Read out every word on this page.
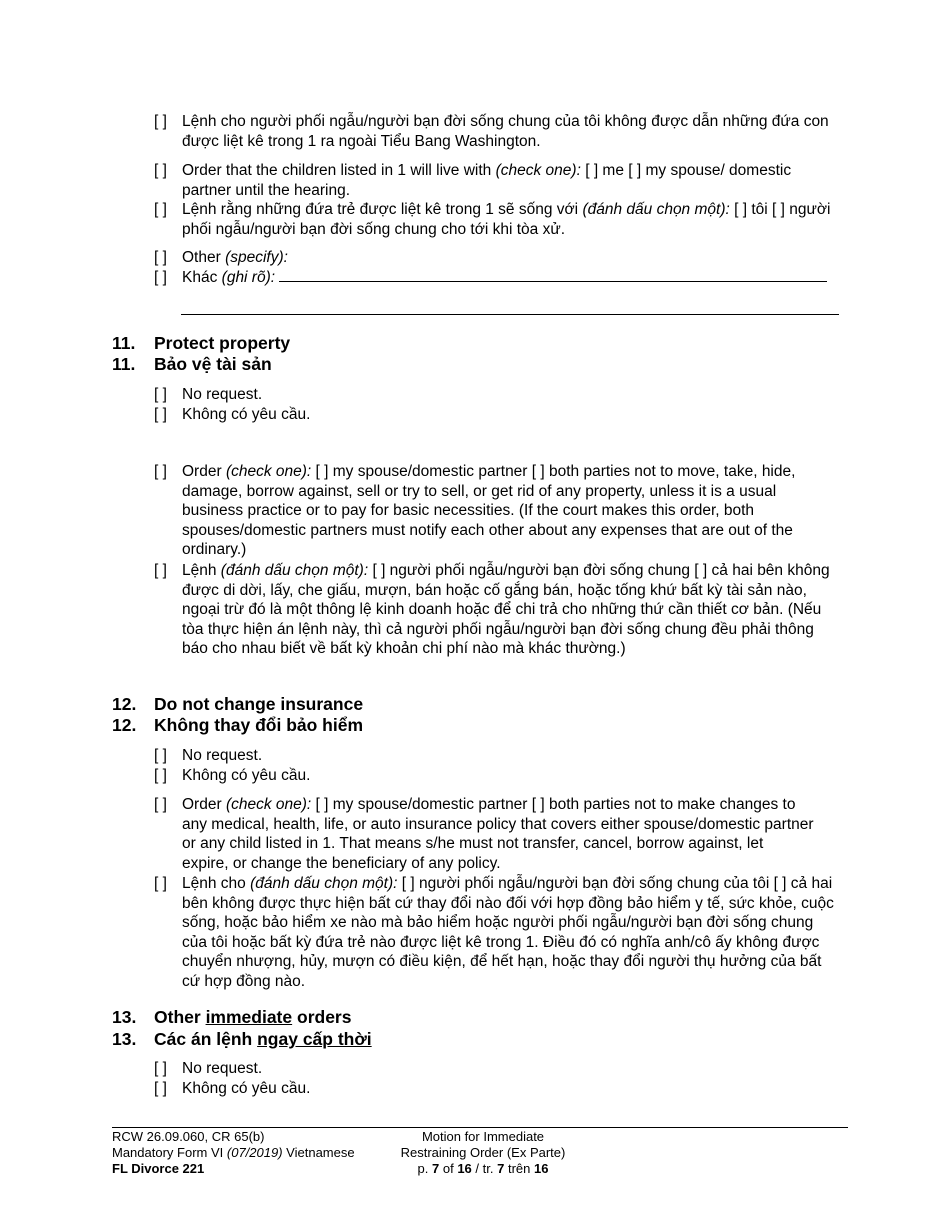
[ ] Lệnh cho người phối ngẫu/người bạn đời sống chung của tôi không được dẫn những đứa con được liệt kê trong 1 ra ngoài Tiểu Bang Washington.
[ ] Order that the children listed in 1 will live with (check one): [ ] me [ ] my spouse/ domestic partner until the hearing.
[ ] Lệnh rằng những đứa trẻ được liệt kê trong 1 sẽ sống với (đánh dấu chọn một): [ ] tôi [ ] người phối ngẫu/người bạn đời sống chung cho tới khi tòa xử.
[ ] Other (specify):
[ ] Khác (ghi rõ):
11. Protect property
11. Bảo vệ tài sản
[ ] No request.
[ ] Không có yêu cầu.
[ ] Order (check one): [ ] my spouse/domestic partner [ ] both parties not to move, take, hide, damage, borrow against, sell or try to sell, or get rid of any property, unless it is a usual business practice or to pay for basic necessities. (If the court makes this order, both spouses/domestic partners must notify each other about any expenses that are out of the ordinary.)
[ ] Lệnh (đánh dấu chọn một): [ ] người phối ngẫu/người bạn đời sống chung [ ] cả hai bên không được di dời, lấy, che giấu, mượn, bán hoặc cố gắng bán, hoặc tống khứ bất kỳ tài sản nào, ngoại trừ đó là một thông lệ kinh doanh hoặc để chi trả cho những thứ cần thiết cơ bản. (Nếu tòa thực hiện án lệnh này, thì cả người phối ngẫu/người bạn đời sống chung đều phải thông báo cho nhau biết về bất kỳ khoản chi phí nào mà khác thường.)
12. Do not change insurance
12. Không thay đổi bảo hiểm
[ ] No request.
[ ] Không có yêu cầu.
[ ] Order (check one): [ ] my spouse/domestic partner [ ] both parties not to make changes to any medical, health, life, or auto insurance policy that covers either spouse/domestic partner or any child listed in 1. That means s/he must not transfer, cancel, borrow against, let expire, or change the beneficiary of any policy.
[ ] Lệnh cho (đánh dấu chọn một): [ ] người phối ngẫu/người bạn đời sống chung của tôi [ ] cả hai bên không được thực hiện bất cứ thay đổi nào đối với hợp đồng bảo hiểm y tế, sức khỏe, cuộc sống, hoặc bảo hiểm xe nào mà bảo hiểm hoặc người phối ngẫu/người bạn đời sống chung của tôi hoặc bất kỳ đứa trẻ nào được liệt kê trong 1. Điều đó có nghĩa anh/cô ấy không được chuyển nhượng, hủy, mượn có điều kiện, để hết hạn, hoặc thay đổi người thụ hưởng của bất cứ hợp đồng nào.
13. Other immediate orders
13. Các án lệnh ngay cấp thời
[ ] No request.
[ ] Không có yêu cầu.
RCW 26.09.060, CR 65(b)
Mandatory Form VI (07/2019) Vietnamese
FL Divorce 221
Motion for Immediate
Restraining Order (Ex Parte)
p. 7 of 16 / tr. 7 trên 16
